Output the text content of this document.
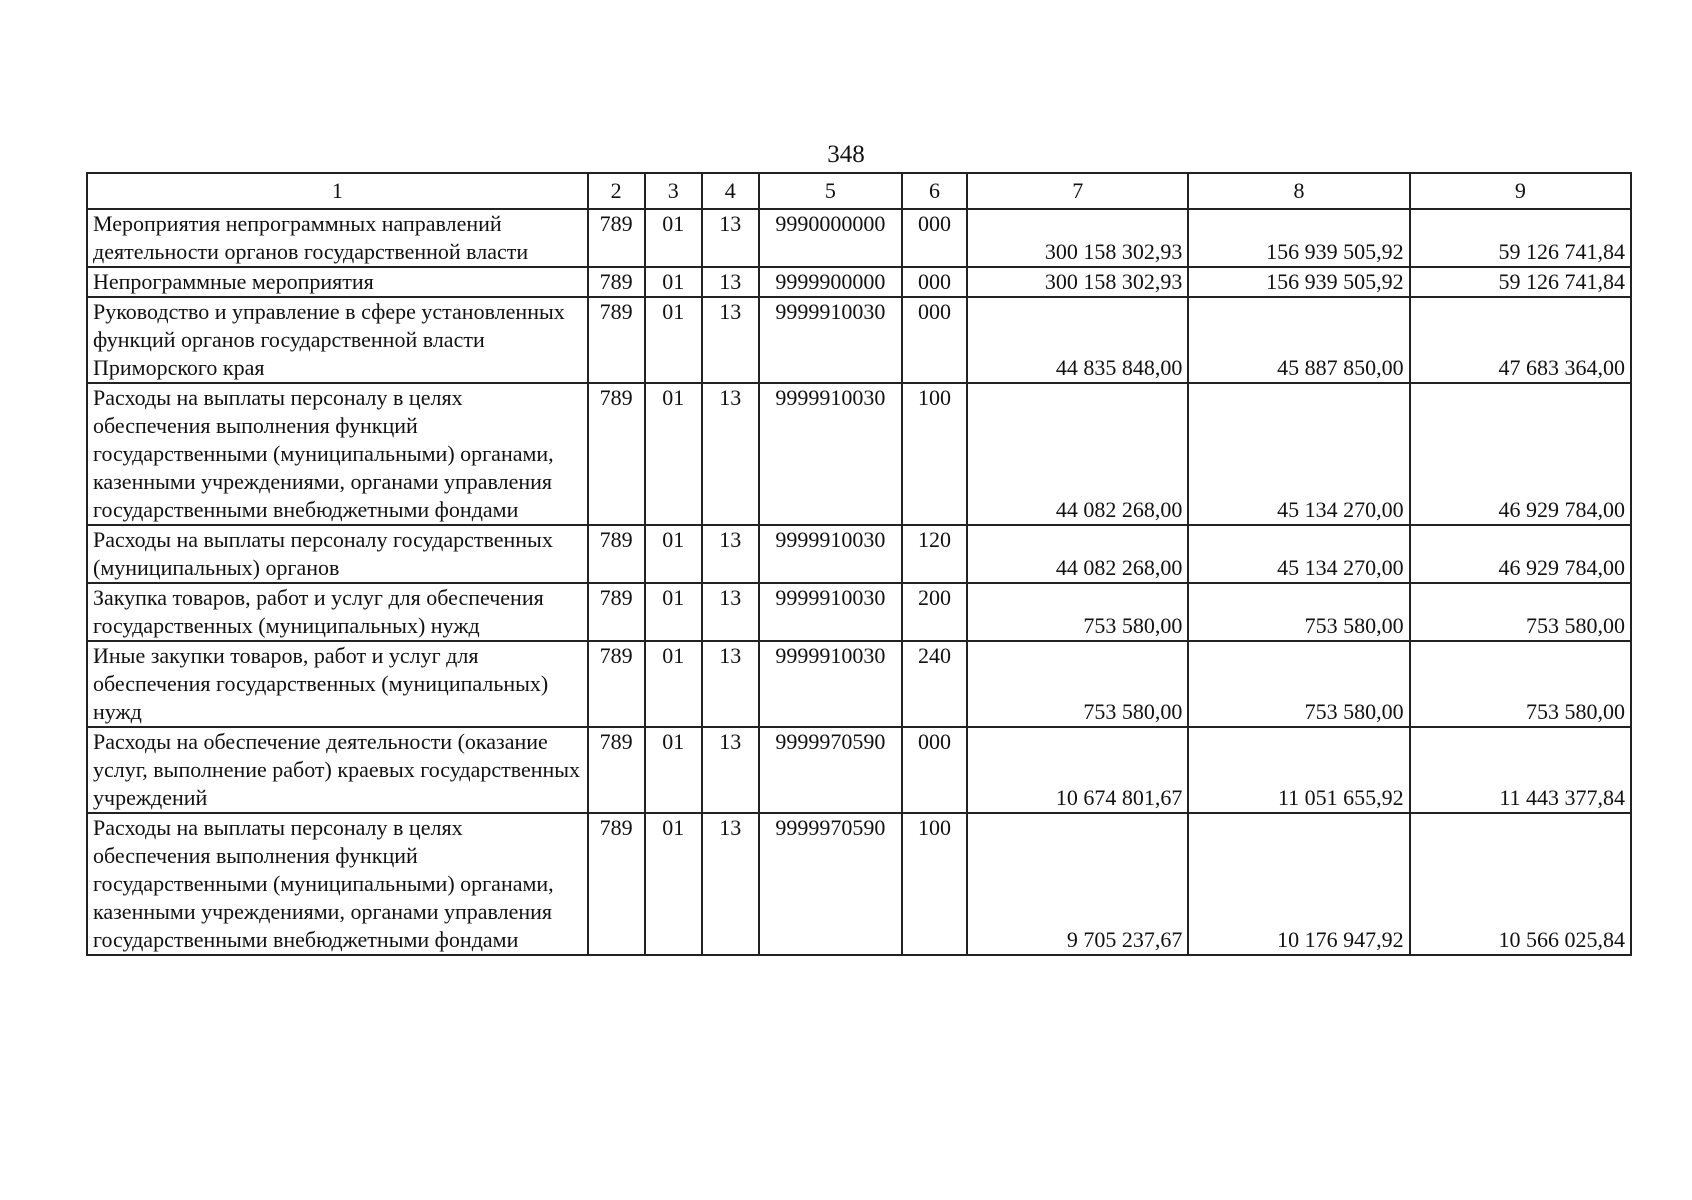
348
1	2	3	4	5	6	7	8	9
Мероприятия непрограммных направлений деятельности органов государственной власти	789	01	13	9990000000	000	300 158 302,93	156 939 505,92	59 126 741,84
Непрограммные мероприятия	789	01	13	9999900000	000	300 158 302,93	156 939 505,92	59 126 741,84
Руководство и управление в сфере установленных функций органов государственной власти Приморского края	789	01	13	9999910030	000	44 835 848,00	45 887 850,00	47 683 364,00
Расходы на выплаты персоналу в целях обеспечения выполнения функций государственными (муниципальными) органами, казенными учреждениями, органами управления государственными внебюджетными фондами	789	01	13	9999910030	100	44 082 268,00	45 134 270,00	46 929 784,00
Расходы на выплаты персоналу государственных (муниципальных) органов	789	01	13	9999910030	120	44 082 268,00	45 134 270,00	46 929 784,00
Закупка товаров, работ и услуг для обеспечения государственных (муниципальных) нужд	789	01	13	9999910030	200	753 580,00	753 580,00	753 580,00
Иные закупки товаров, работ и услуг для обеспечения государственных (муниципальных) нужд	789	01	13	9999910030	240	753 580,00	753 580,00	753 580,00
Расходы на обеспечение деятельности (оказание услуг, выполнение работ) краевых государственных учреждений	789	01	13	9999970590	000	10 674 801,67	11 051 655,92	11 443 377,84
Расходы на выплаты персоналу в целях обеспечения выполнения функций государственными (муниципальными) органами, казенными учреждениями, органами управления государственными внебюджетными фондами	789	01	13	9999970590	100	9 705 237,67	10 176 947,92	10 566 025,84
